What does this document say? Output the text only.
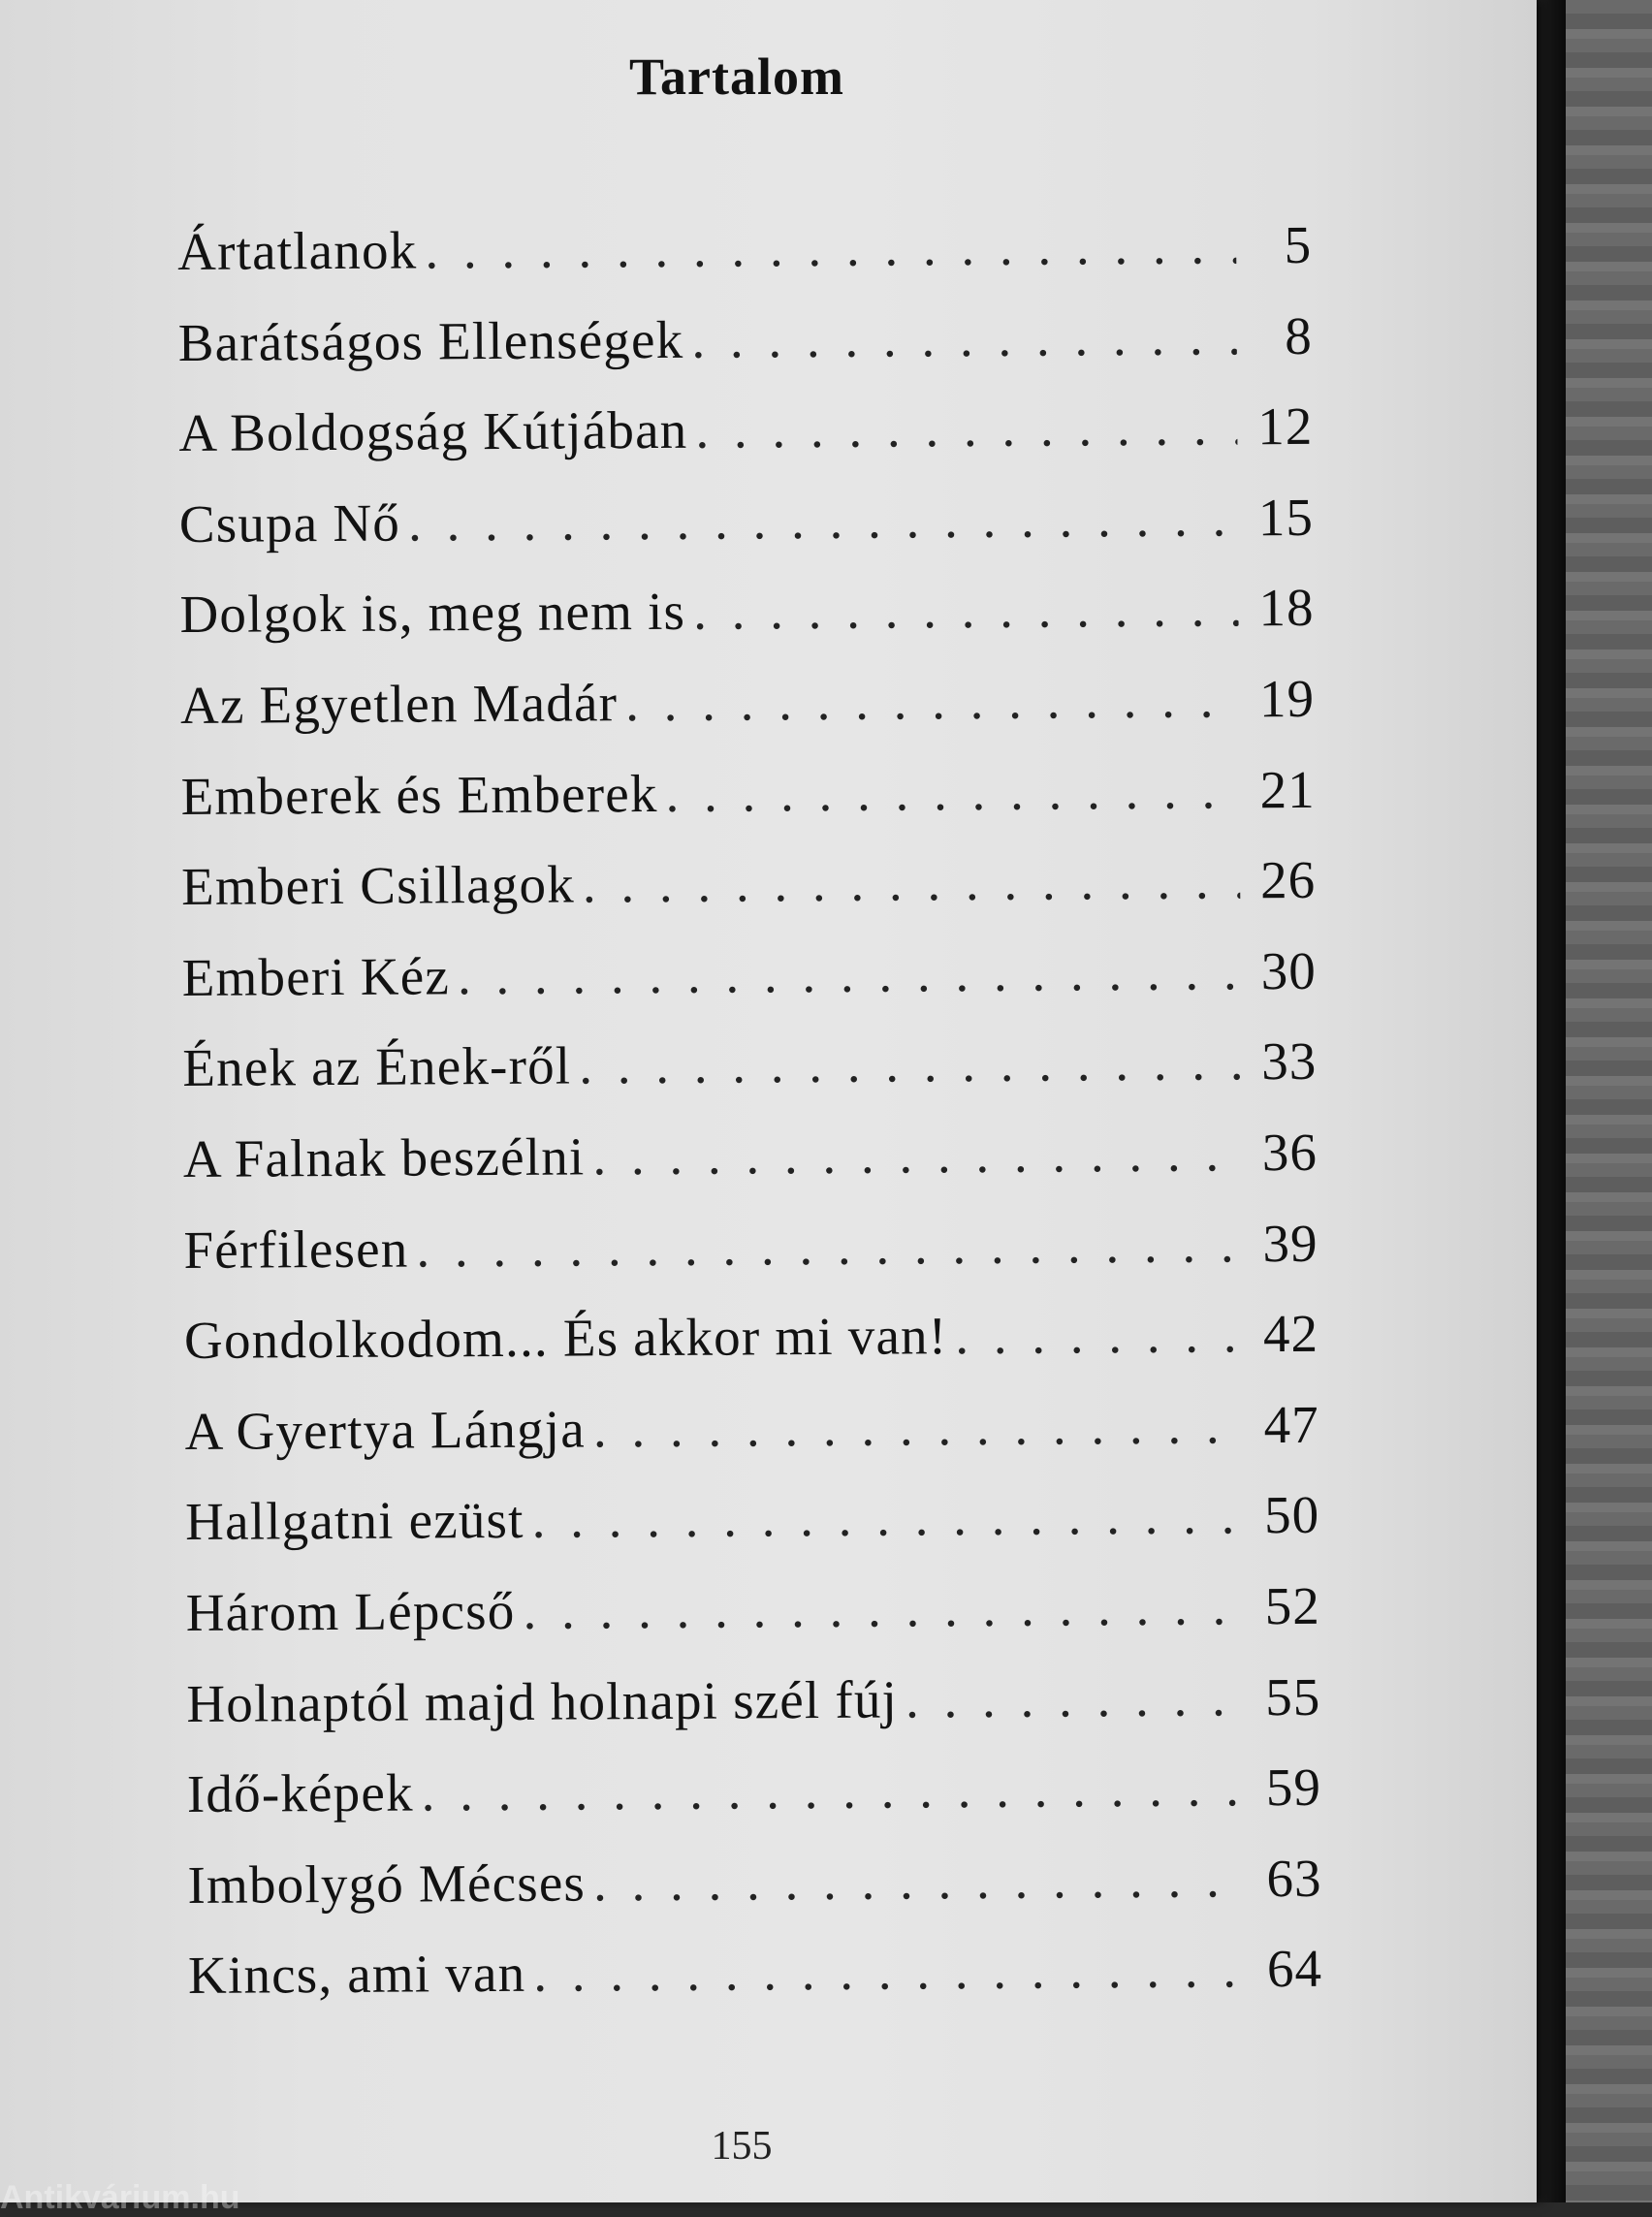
Tartalom
Ártatlanok . . .	5
Barátságos Ellenségek . . .	8
A Boldogság Kútjában . . .	12
Csupa Nő . . .	15
Dolgok is, meg nem is . . .	18
Az Egyetlen Madár . . .	19
Emberek és Emberek . . .	21
Emberi Csillagok . . .	26
Emberi Kéz . . .	30
Ének az Ének-ről . . .	33
A Falnak beszélni . . .	36
Férfilesen . . .	39
Gondolkodom... És akkor mi van! . . .	42
A Gyertya Lángja . . .	47
Hallgatni ezüst . . .	50
Három Lépcső . . .	52
Holnaptól majd holnapi szél fúj . . .	55
Idő-képek . . .	59
Imbolygó Mécses . . .	63
Kincs, ami van . . .	64
155
Antikvárium.hu
